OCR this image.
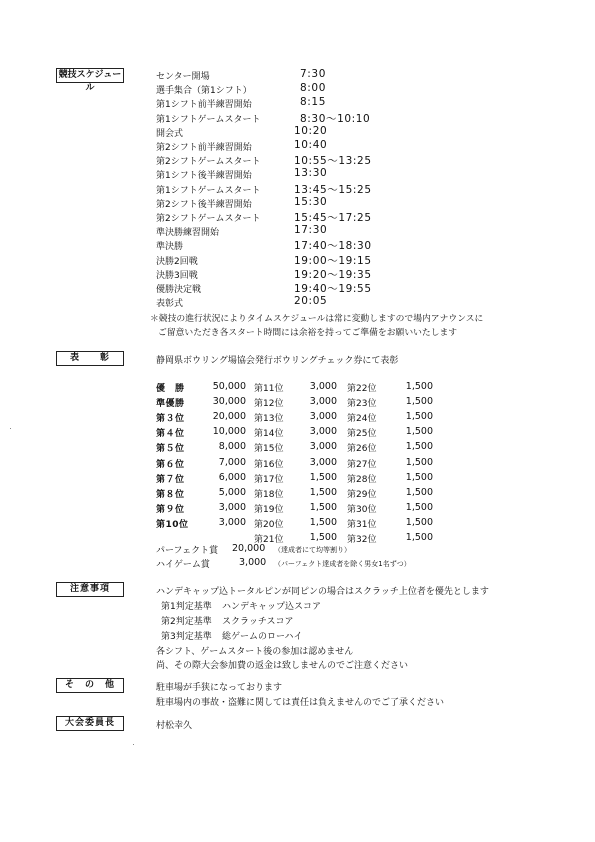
競技スケジュール
センター開場	7:30
選手集合（第1シフト）	8:00
第1シフト前半練習開始	8:15
第1シフトゲームスタート	8:30〜10:10
開会式	10:20
第2シフト前半練習開始	10:40
第2シフトゲームスタート	10:55〜13:25
第1シフト後半練習開始	13:30
第1シフトゲームスタート	13:45〜15:25
第2シフト後半練習開始	15:30
第2シフトゲームスタート	15:45〜17:25
準決勝練習開始	17:30
準決勝	17:40〜18:30
決勝2回戦	19:00〜19:15
決勝3回戦	19:20〜19:35
優勝決定戦	19:40〜19:55
表彰式	20:05
＊競技の進行状況によりタイムスケジュールは常に変動しますので場内アナウンスに
ご留意いただき各スタート時間には余裕を持ってご準備をお願いいたします
表　　彰	静岡県ボウリング場協会発行ボウリングチェック券にて表彰
優　勝	50,000
準優勝	30,000
第３位	20,000
第４位	10,000
第５位	8,000
第６位	7,000
第７位	6,000
第８位	5,000
第９位	3,000
第10位	3,000
第11位	3,000
第12位	3,000
第13位	3,000
第14位	3,000
第15位	3,000
第16位	3,000
第17位	1,500
第18位	1,500
第19位	1,500
第20位	1,500
第21位	1,500
第22位	1,500
第23位	1,500
第24位	1,500
第25位	1,500
第26位	1,500
第27位	1,500
第28位	1,500
第29位	1,500
第30位	1,500
第31位	1,500
第32位	1,500
パーフェクト賞 20,000 （達成者にて均等割り）
ハイゲーム賞	3,000 （パーフェクト達成者を除く男女1名ずつ）
注意事項	ハンデキャップ込トータルピンが同ピンの場合はスクラッチ上位者を優先とします
第1判定基準 ハンデキャップ込スコア
第2判定基準 スクラッチスコア
第3判定基準 総ゲームのローハイ
各シフト、ゲームスタート後の参加は認めません
尚、その際大会参加費の返金は致しませんのでご注意ください
そ　の　他	駐車場が手狭になっております
駐車場内の事故・盗難に関しては責任は負えませんのでご了承ください
大会委員長	村松幸久
